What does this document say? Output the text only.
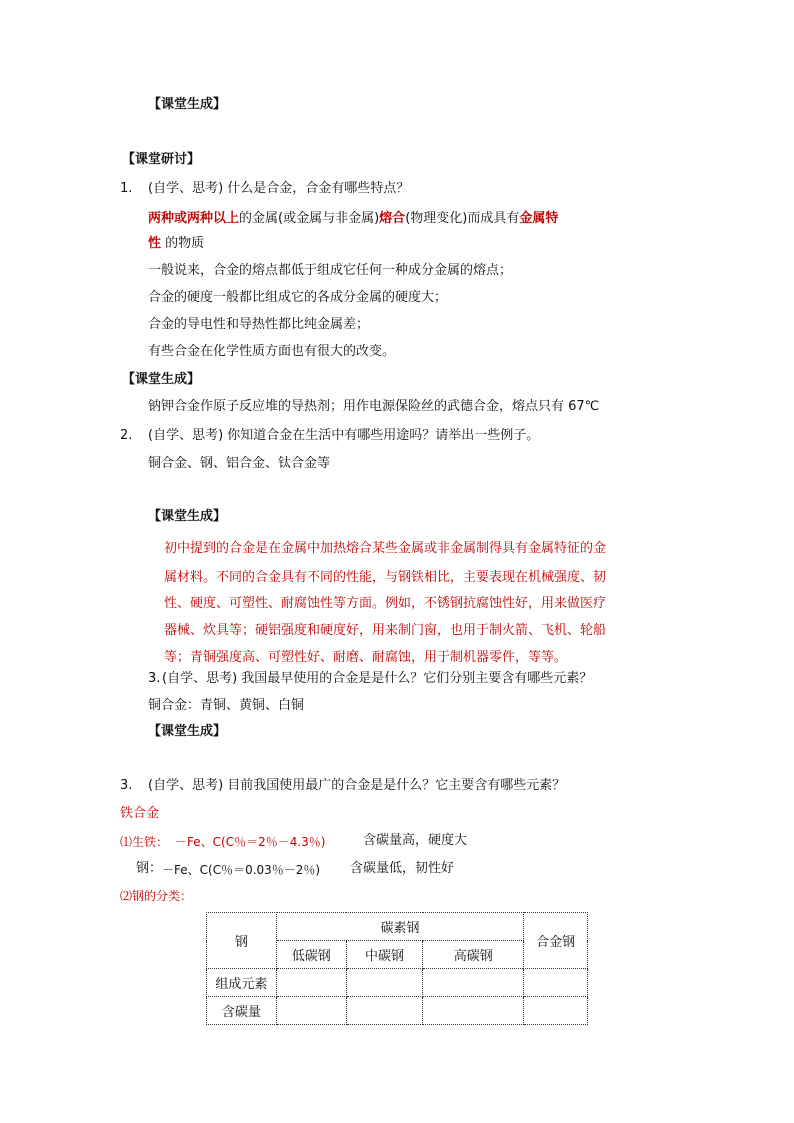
【课堂生成】
【课堂研讨】
1. (自学、思考) 什么是合金，合金有哪些特点？
两种或两种以上的金属(或金属与非金属)熔合(物理变化)而成具有金属特
性 的物质
一般说来，合金的熔点都低于组成它任何一种成分金属的熔点；
合金的硬度一般都比组成它的各成分金属的硬度大；
合金的导电性和导热性都比纯金属差；
有些合金在化学性质方面也有很大的改变。
【课堂生成】
钠钾合金作原子反应堆的导热剂；用作电源保险丝的武德合金，熔点只有 67℃
2. (自学、思考) 你知道合金在生活中有哪些用途吗？请举出一些例子。
铜合金、钢、铝合金、钛合金等
【课堂生成】
初中提到的合金是在金属中加热熔合某些金属或非金属制得具有金属特征的金
属材料。不同的合金具有不同的性能，与钢铁相比，主要表现在机械强度、韧
性、硬度、可塑性、耐腐蚀性等方面。例如，不锈钢抗腐蚀性好，用来做医疗
器械、炊具等；硬铝强度和硬度好，用来制门窗，也用于制火箭、飞机、轮船
等；青铜强度高、可塑性好、耐磨、耐腐蚀，用于制机器零件，等等。
3. (自学、思考) 我国最早使用的合金是是什么？它们分别主要含有哪些元素？
铜合金：青铜、黄铜、白铜
【课堂生成】
3. (自学、思考) 目前我国使用最广的合金是是什么？它主要含有哪些元素？
铁合金
⑴生铁： －Fe、C(C％＝2％－4.3％)	含碳量高，硬度大
钢： －Fe、C(C％＝0.03％－2％) 含碳量低，韧性好
⑵钢的分类：
钢	碳素钢			合金钢
	低碳钢	中碳钢	高碳钢	
组成元素				
含碳量				
